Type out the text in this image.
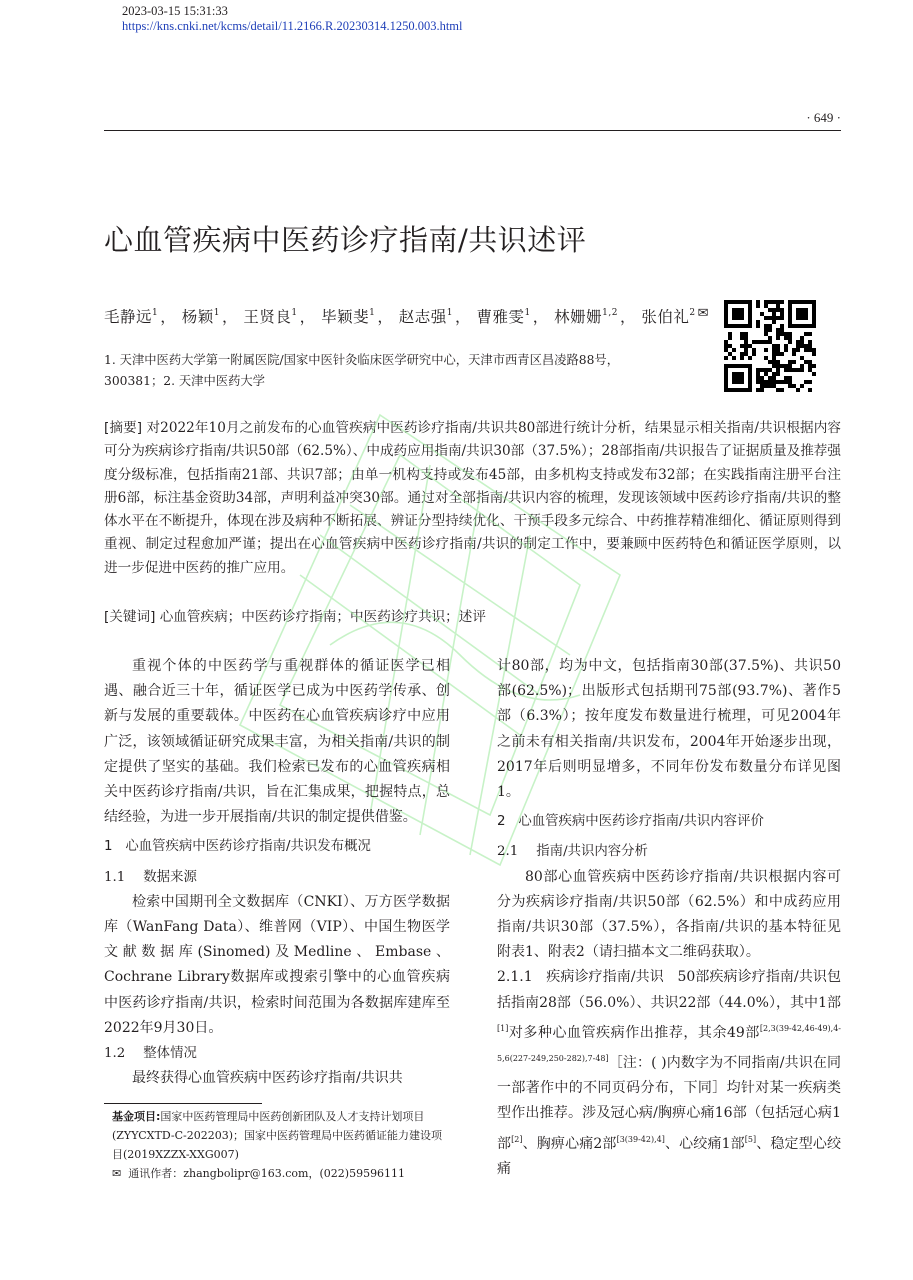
2023-03-15 15:31:33
https://kns.cnki.net/kcms/detail/11.2166.R.20230314.1250.003.html
· 649 ·
心血管疾病中医药诊疗指南/共识述评
毛静远$^1$ ， 杨颖$^1$ ， 王贤良$^1$ ， 毕颖斐$^1$ ， 赵志强$^1$ ， 曹雅雯$^1$ ， 林姗姗$^{1,2}$ ， 张伯礼$^2$ ✉
1. 天津中医药大学第一附属医院/国家中医针灸临床医学研究中心，天津市西青区昌凌路88号，300381；2. 天津中医药大学
[摘要] 对2022年10月之前发布的心血管疾病中医药诊疗指南/共识共80部进行统计分析，结果显示相关指南/共识根据内容可分为疾病诊疗指南/共识50部（62.5%）、中成药应用指南/共识30部（37.5%）；28部指南/共识报告了证据质量及推荐强度分级标准，包括指南21部、共识7部；由单一机构支持或发布45部，由多机构支持或发布32部；在实践指南注册平台注册6部，标注基金资助34部，声明利益冲突30部。通过对全部指南/共识内容的梳理，发现该领域中医药诊疗指南/共识的整体水平在不断提升，体现在涉及病种不断拓展、辨证分型持续优化、干预手段多元综合、中药推荐精准细化、循证原则得到重视、制定过程愈加严谨；提出在心血管疾病中医药诊疗指南/共识的制定工作中，要兼顾中医药特色和循证医学原则，以进一步促进中医药的推广应用。
[关键词] 心血管疾病；中医药诊疗指南；中医药诊疗共识；述评

重视个体的中医药学与重视群体的循证医学已相遇、融合近三十年，循证医学已成为中医药学传承、创新与发展的重要载体。中医药在心血管疾病诊疗中应用广泛，该领域循证研究成果丰富，为相关指南/共识的制定提供了坚实的基础。我们检索已发布的心血管疾病相关中医药诊疗指南/共识，旨在汇集成果，把握特点，总结经验，为进一步开展指南/共识的制定提供借鉴。

1 心血管疾病中医药诊疗指南/共识发布概况
1.1 数据来源

检索中国期刊全文数据库（CNKI）、万方医学数据库（WanFang Data）、维普网（VIP）、中国生物医学文献数据库(Sinomed)及Medline、Embase、Cochrane Library数据库或搜索引擎中的心血管疾病中医药诊疗指南/共识，检索时间范围为各数据库建库至2022年9月30日。

1.2 整体情况

最终获得心血管疾病中医药诊疗指南/共识共

计80部，均为中文，包括指南30部(37.5%)、共识50部(62.5%)；出版形式包括期刊75部(93.7%)、著作5部（6.3%）；按年度发布数量进行梳理，可见2004年之前未有相关指南/共识发布，2004年开始逐步出现，2017年后则明显增多，不同年份发布数量分布详见图1。

2 心血管疾病中医药诊疗指南/共识内容评价
2.1 指南/共识内容分析

80部心血管疾病中医药诊疗指南/共识根据内容可分为疾病诊疗指南/共识50部（62.5%）和中成药应用指南/共识30部（37.5%），各指南/共识的基本特征见附表1、附表2（请扫描本文二维码获取）。

2.1.1 疾病诊疗指南/共识 50部疾病诊疗指南/共识包括指南28部（56.0%）、共识22部（44.0%），其中1部[1]对多种心血管疾病作出推荐，其余49部[2,3(39-42,46-49),4-5,6(227-249,250-282),7-48]［注：( )内数字为不同指南/共识在同一部著作中的不同页码分布，下同］均针对某一疾病类型作出推荐。涉及冠心病/胸痹心痛16部（包括冠心病1部[2]、胸痹心痛2部[3(39-42),4]、心绞痛1部[5]、稳定型心绞痛

基金项目:国家中医药管理局中医药创新团队及人才支持计划项目(ZYYCXTD-C-202203)；国家中医药管理局中医药循证能力建设项目(2019XZZX-XXG007)
✉ 通讯作者：zhangbolipr@163.com，(022)59596111
